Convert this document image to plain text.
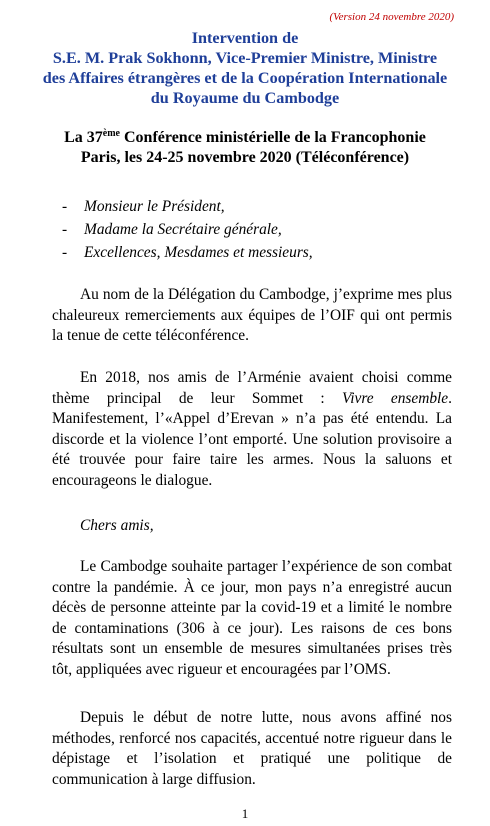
(Version 24 novembre 2020)
Intervention de
S.E. M. Prak Sokhonn, Vice-Premier Ministre, Ministre
des Affaires étrangères et de la Coopération Internationale
du Royaume du Cambodge
La 37ème Conférence ministérielle de la Francophonie
Paris, les 24-25 novembre 2020 (Téléconférence)
- Monsieur le Président,
- Madame la Secrétaire générale,
- Excellences, Mesdames et messieurs,

Au nom de la Délégation du Cambodge, j’exprime mes plus chaleureux remerciements aux équipes de l’OIF qui ont permis la tenue de cette téléconférence.

En 2018, nos amis de l’Arménie avaient choisi comme thème principal de leur Sommet : Vivre ensemble. Manifestement, l’«Appel d’Erevan » n’a pas été entendu. La discorde et la violence l’ont emporté. Une solution provisoire a été trouvée pour faire taire les armes. Nous la saluons et encourageons le dialogue.

Chers amis,

Le Cambodge souhaite partager l’expérience de son combat contre la pandémie. À ce jour, mon pays n’a enregistré aucun décès de personne atteinte par la covid-19 et a limité le nombre de contaminations (306 à ce jour). Les raisons de ces bons résultats sont un ensemble de mesures simultanées prises très tôt, appliquées avec rigueur et encouragées par l’OMS.

Depuis le début de notre lutte, nous avons affiné nos méthodes, renforcé nos capacités, accentué notre rigueur dans le dépistage et l’isolation et pratiqué une politique de communication à large diffusion.

1
